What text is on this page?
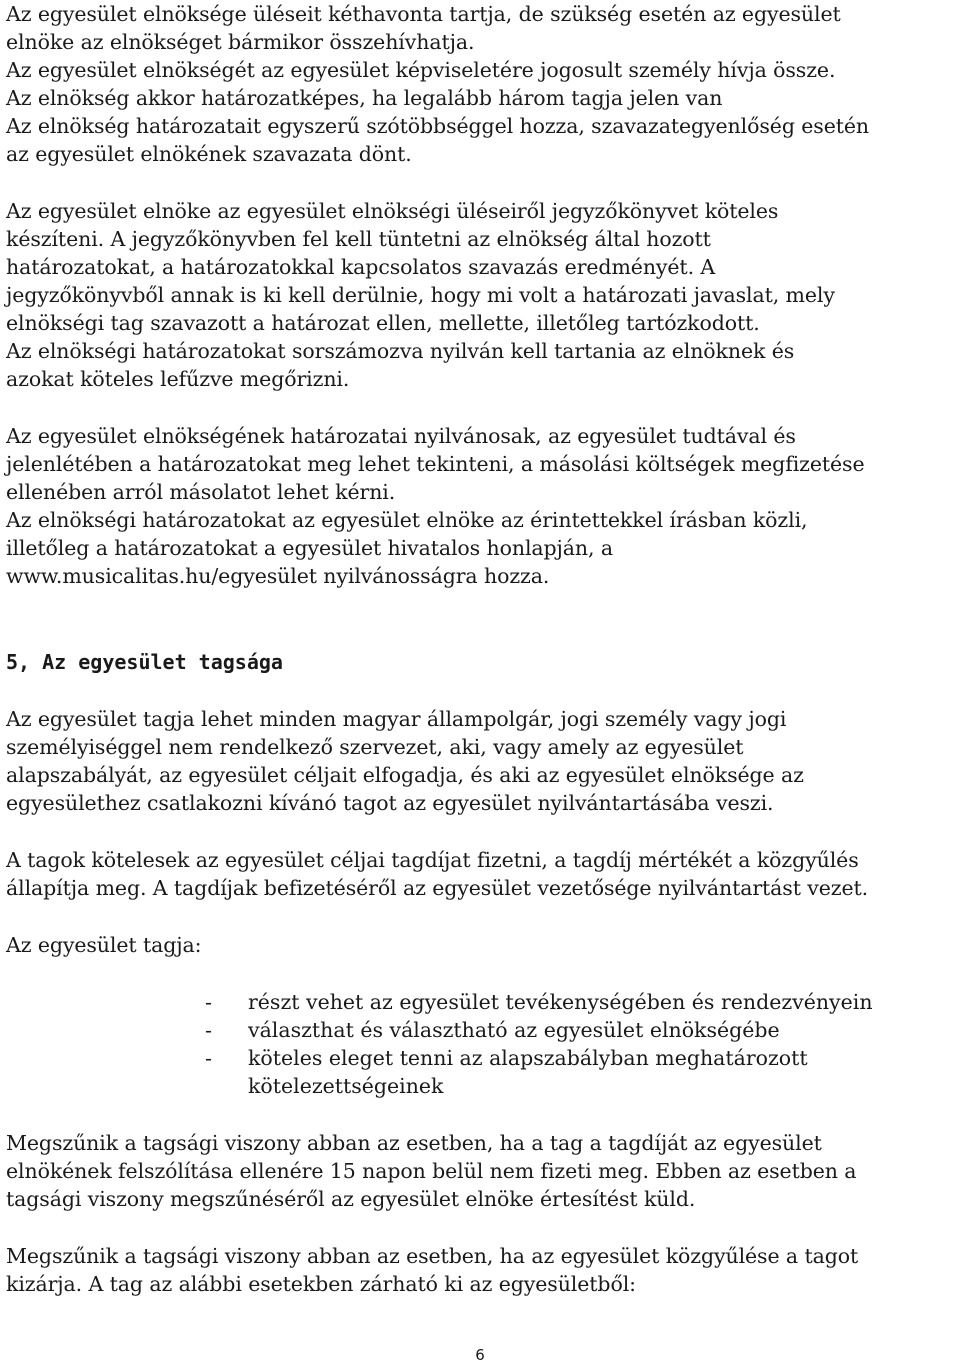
Az egyesület elnöksége üléseit kéthavonta tartja, de szükség esetén az egyesület
elnöke az elnökséget bármikor összehívhatja.
Az egyesület elnökségét az egyesület képviseletére jogosult személy hívja össze.
Az elnökség akkor határozatképes, ha legalább három tagja jelen van
Az elnökség határozatait egyszerű szótöbbséggel hozza, szavazategyenlőség esetén
az egyesület elnökének szavazata dönt.
Az egyesület elnöke az egyesület elnökségi üléseiről jegyzőkönyvet köteles
készíteni. A jegyzőkönyvben fel kell tüntetni az elnökség által hozott
határozatokat, a határozatokkal kapcsolatos szavazás eredményét. A
jegyzőkönyvből annak is ki kell derülnie, hogy mi volt a határozati javaslat, mely
elnökségi tag szavazott a határozat ellen, mellette, illetőleg tartózkodott.
Az elnökségi határozatokat sorszámozva nyilván kell tartania az elnöknek és
azokat köteles lefűzve megőrizni.
Az egyesület elnökségének határozatai nyilvánosak, az egyesület tudtával és
jelenlétében a határozatokat meg lehet tekinteni, a másolási költségek megfizetése
ellenében arról másolatot lehet kérni.
Az elnökségi határozatokat az egyesület elnöke az érintettekkel írásban közli,
illetőleg a határozatokat a egyesület hivatalos honlapján, a
www.musicalitas.hu/egyesület nyilvánosságra hozza.
5, Az egyesület tagsága
Az egyesület tagja lehet minden magyar állampolgár, jogi személy vagy jogi
személyiséggel nem rendelkező szervezet, aki, vagy amely az egyesület
alapszabályát, az egyesület céljait elfogadja, és aki az egyesület elnöksége az
egyesülethez csatlakozni kívánó tagot az egyesület nyilvántartásába veszi.
A tagok kötelesek az egyesület céljai tagdíjat fizetni, a tagdíj mértékét a közgyűlés
állapítja meg. A tagdíjak befizetéséről az egyesület vezetősége nyilvántartást vezet.
Az egyesület tagja:
-	részt vehet az egyesület tevékenységében és rendezvényein
-	választhat és választható az egyesület elnökségébe
-	köteles eleget tenni az alapszabályban meghatározott
kötelezettségeinek
Megszűnik a tagsági viszony abban az esetben, ha a tag a tagdíját az egyesület
elnökének felszólítása ellenére 15 napon belül nem fizeti meg. Ebben az esetben a
tagsági viszony megszűnéséről az egyesület elnöke értesítést küld.
Megszűnik a tagsági viszony abban az esetben, ha az egyesület közgyűlése a tagot
kizárja. A tag az alábbi esetekben zárható ki az egyesületből:
6
